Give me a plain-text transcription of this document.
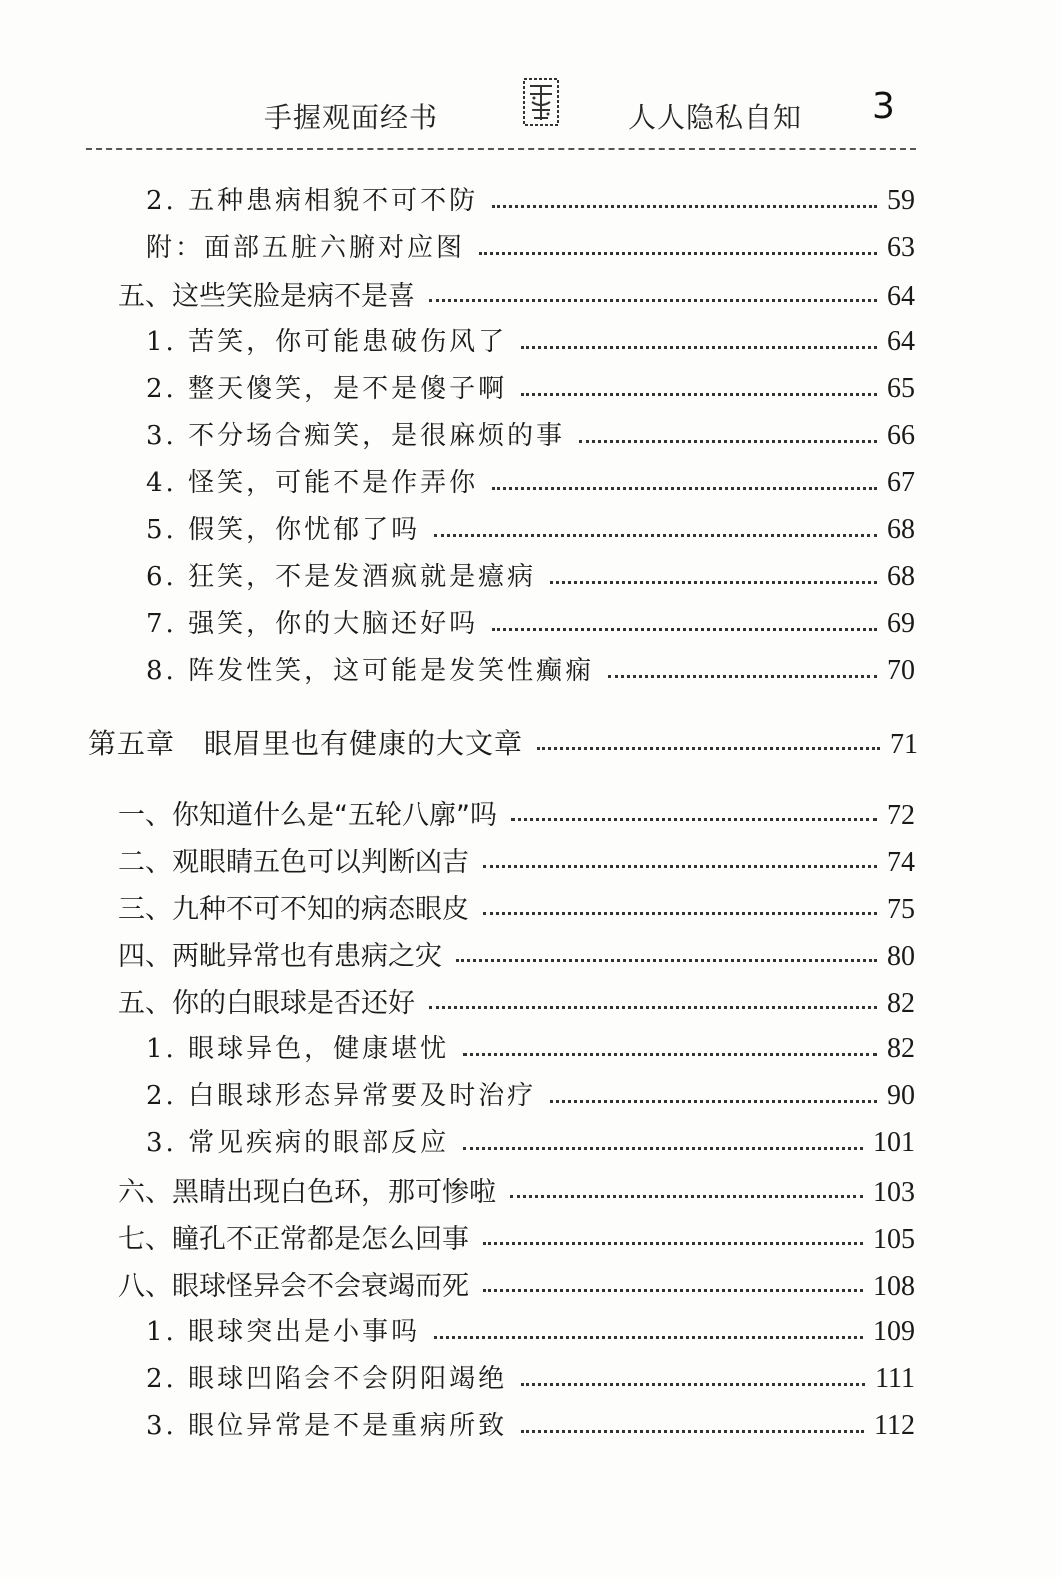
手握观面经书	人人隐私自知 3
2. 五种患病相貌不可不防	59
附：面部五脏六腑对应图	63
五、这些笑脸是病不是喜	64
1. 苦笑，你可能患破伤风了	64
2. 整天傻笑，是不是傻子啊	65
3. 不分场合痴笑，是很麻烦的事	66
4. 怪笑，可能不是作弄你	67
5. 假笑，你忧郁了吗	68
6. 狂笑，不是发酒疯就是癔病	68
7. 强笑，你的大脑还好吗	69
8. 阵发性笑，这可能是发笑性癫痫	70
第五章　眼眉里也有健康的大文章	71
一、你知道什么是“五轮八廓”吗	72
二、观眼睛五色可以判断凶吉	74
三、九种不可不知的病态眼皮	75
四、两眦异常也有患病之灾	80
五、你的白眼球是否还好	82
1. 眼球异色，健康堪忧	82
2. 白眼球形态异常要及时治疗	90
3. 常见疾病的眼部反应	101
六、黑睛出现白色环，那可惨啦	103
七、瞳孔不正常都是怎么回事	105
八、眼球怪异会不会衰竭而死	108
1. 眼球突出是小事吗	109
2. 眼球凹陷会不会阴阳竭绝	111
3. 眼位异常是不是重病所致	112
